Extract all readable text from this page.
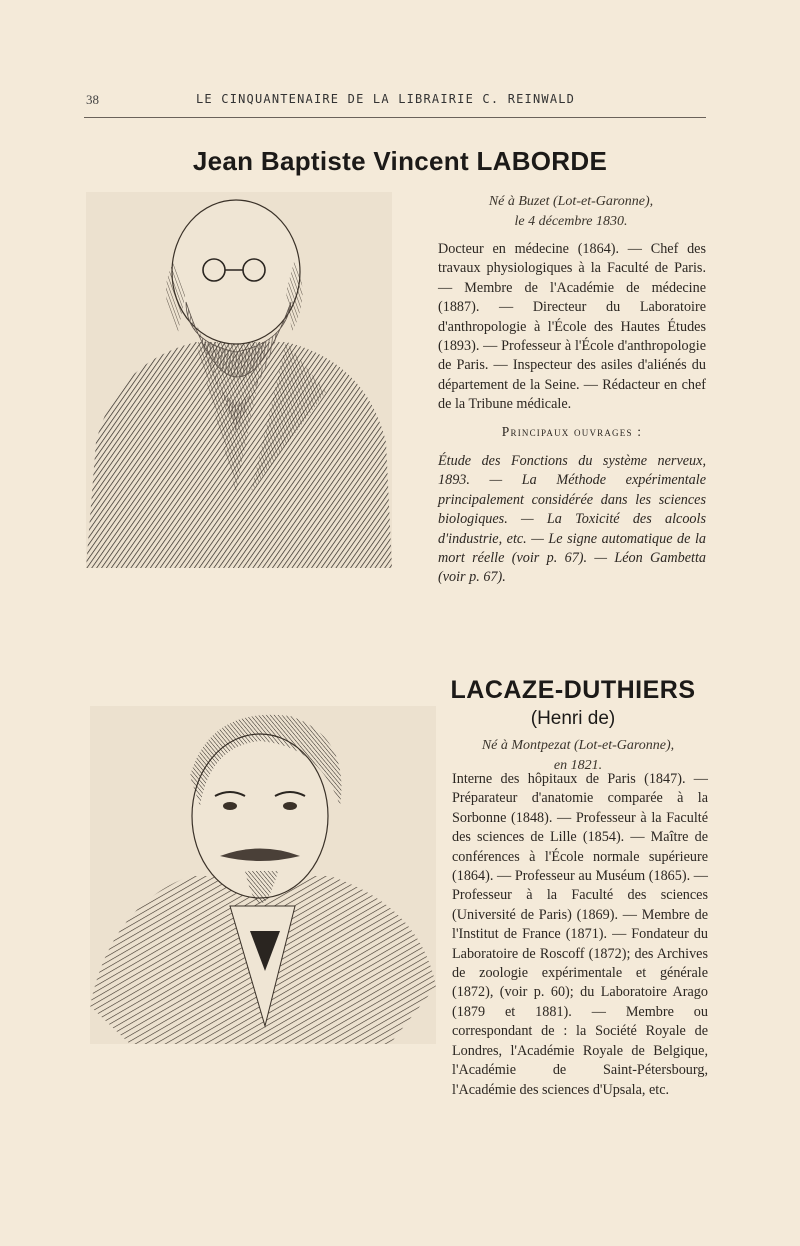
38	LE CINQUANTENAIRE DE LA LIBRAIRIE C. REINWALD
Jean Baptiste Vincent LABORDE
Né à Buzet (Lot-et-Garonne),
le 4 décembre 1830.

Docteur en médecine (1864). — Chef des travaux physiologiques à la Faculté de Paris. — Membre de l'Académie de médecine (1887). — Directeur du Laboratoire d'anthropologie à l'École des Hautes Études (1893). — Professeur à l'École d'anthropologie de Paris. — Inspecteur des asiles d'aliénés du département de la Seine. — Rédacteur en chef de la Tribune médicale.

Principaux ouvrages :

Étude des Fonctions du système nerveux, 1893. — La Méthode expérimentale principalement considérée dans les sciences biologiques. — La Toxicité des alcools d'industrie, etc. — Le signe automatique de la mort réelle (voir p. 67). — Léon Gambetta (voir p. 67).

LACAZE-DUTHIERS
(Henri de)
Né à Montpezat (Lot-et-Garonne),
en 1821.

Interne des hôpitaux de Paris (1847). — Préparateur d'anatomie comparée à la Sorbonne (1848). — Professeur à la Faculté des sciences de Lille (1854). — Maître de conférences à l'École normale supérieure (1864). — Professeur au Muséum (1865). — Professeur à la Faculté des sciences (Université de Paris) (1869). — Membre de l'Institut de France (1871). — Fondateur du Laboratoire de Roscoff (1872); des Archives de zoologie expérimentale et générale (1872), (voir p. 60); du Laboratoire Arago (1879 et 1881). — Membre ou correspondant de : la Société Royale de Londres, l'Académie Royale de Belgique, l'Académie de Saint-Pétersbourg, l'Académie des sciences d'Upsala, etc.
